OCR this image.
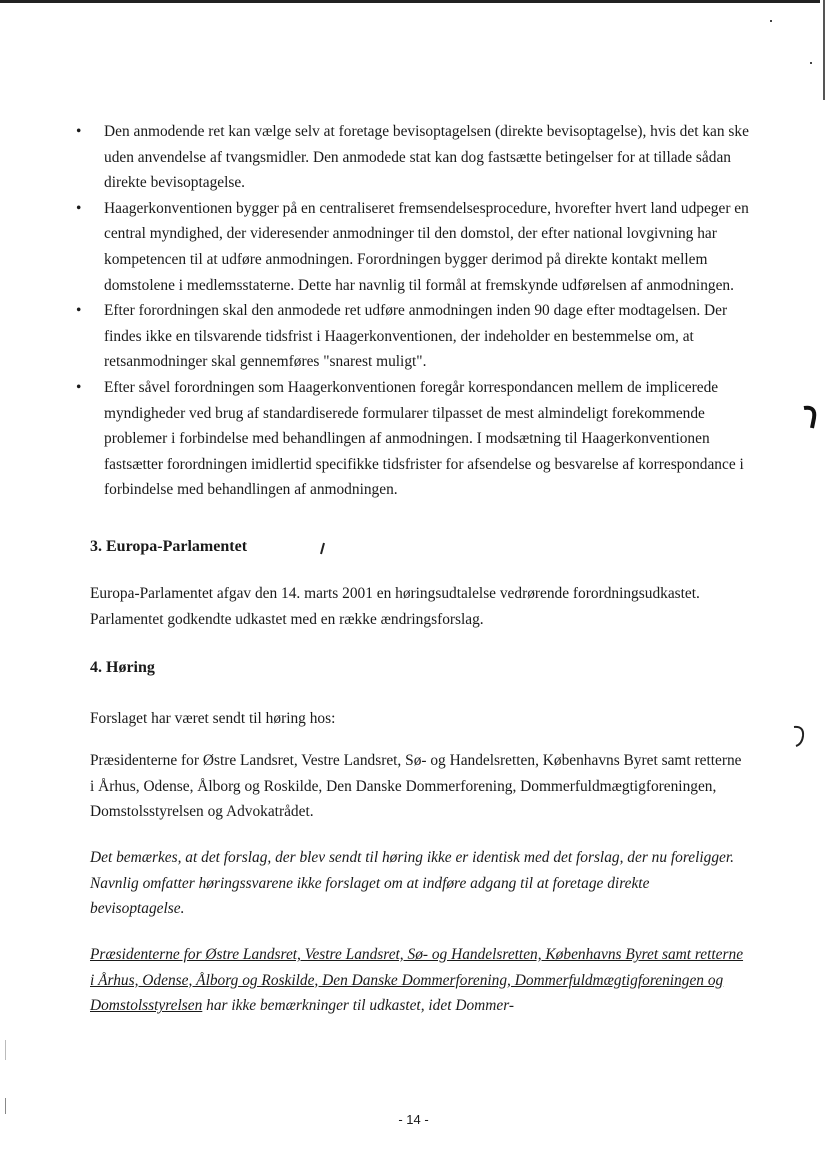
• Den anmodende ret kan vælge selv at foretage bevisoptagelsen (direkte bevisoptagelse), hvis det kan ske uden anvendelse af tvangsmidler. Den anmodede stat kan dog fastsætte betingelser for at tillade sådan direkte bevisoptagelse.
• Haagerkonventionen bygger på en centraliseret fremsendelsesprocedure, hvorefter hvert land udpeger en central myndighed, der videresender anmodninger til den domstol, der efter national lovgivning har kompetencen til at udføre anmodningen. Forordningen bygger derimod på direkte kontakt mellem domstolene i medlemsstaterne. Dette har navnlig til formål at fremskynde udførelsen af anmodningen.
• Efter forordningen skal den anmodede ret udføre anmodningen inden 90 dage efter modtagelsen. Der findes ikke en tilsvarende tidsfrist i Haagerkonventionen, der indeholder en bestemmelse om, at retsanmodninger skal gennemføres "snarest muligt".
• Efter såvel forordningen som Haagerkonventionen foregår korrespondancen mellem de implicerede myndigheder ved brug af standardiserede formularer tilpasset de mest almindeligt forekommende problemer i forbindelse med behandlingen af anmodningen. I modsætning til Haagerkonventionen fastsætter forordningen imidlertid specifikke tidsfrister for afsendelse og besvarelse af korrespondance i forbindelse med behandlingen af anmodningen.
3. Europa-Parlamentet

Europa-Parlamentet afgav den 14. marts 2001 en høringsudtalelse vedrørende forordningsudkastet. Parlamentet godkendte udkastet med en række ændringsforslag.

4. Høring

Forslaget har været sendt til høring hos:

Præsidenterne for Østre Landsret, Vestre Landsret, Sø- og Handelsretten, Københavns Byret samt retterne i Århus, Odense, Ålborg og Roskilde, Den Danske Dommerforening, Dommerfuldmægtigforeningen, Domstolsstyrelsen og Advokatrådet.

Det bemærkes, at det forslag, der blev sendt til høring ikke er identisk med det forslag, der nu foreligger. Navnlig omfatter høringssvarene ikke forslaget om at indføre adgang til at foretage direkte bevisoptagelse.

Præsidenterne for Østre Landsret, Vestre Landsret, Sø- og Handelsretten, Københavns Byret samt retterne i Århus, Odense, Ålborg og Roskilde, Den Danske Dommerforening, Dommerfuldmægtigforeningen og Domstolsstyrelsen har ikke bemærkninger til udkastet, idet Dommer-

- 14 -
